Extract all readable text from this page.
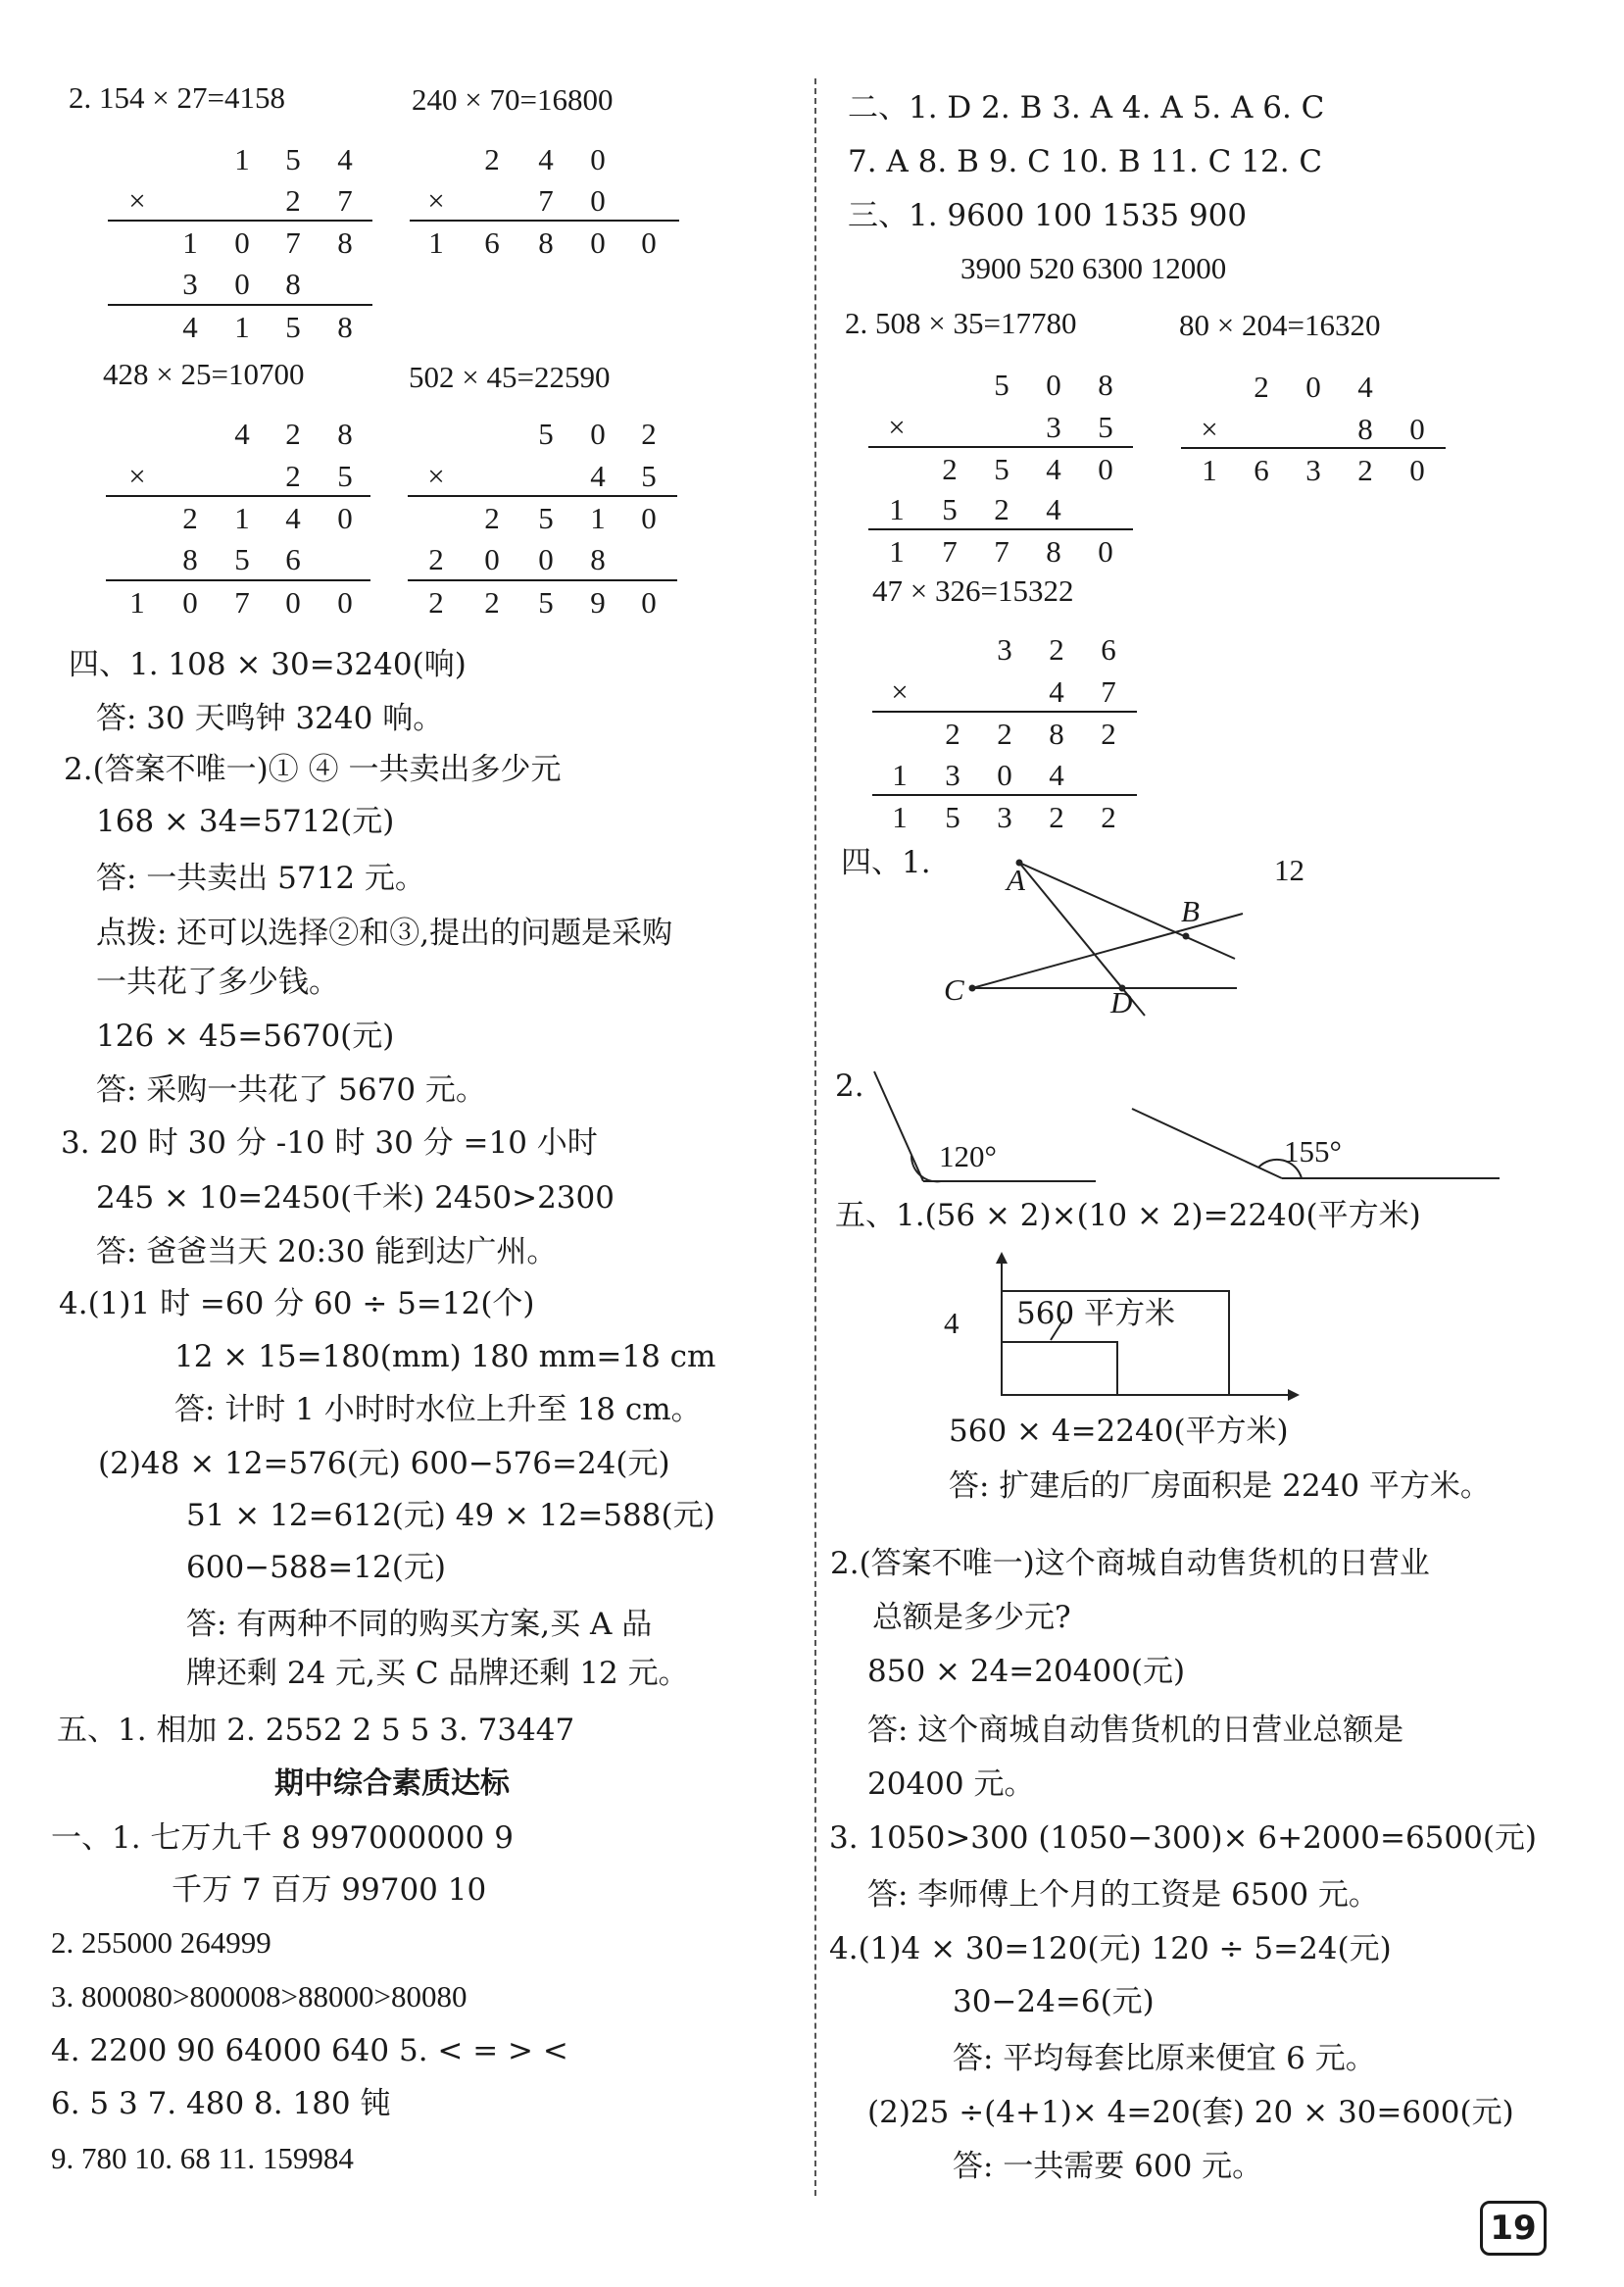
2. 154 × 27=4158	240 × 70=16800
1 5 4
×	2 7
1 0 7 8
3 0 8
4 1 5 8
2 4 0
×	7 0
1 6 8 0 0
428 × 25=10700	502 × 45=22590
4 2 8
×	2 5
2 1 4 0
8 5 6
1 0 7 0 0
5 0 2
×	4 5
2 5 1 0
2 0 0 8
2 2 5 9 0
四、1. 108 × 30=3240(响)
答: 30 天鸣钟 3240 响。
2.(答案不唯一)① ④ 一共卖出多少元
168 × 34=5712(元)
答: 一共卖出 5712 元。
点拨: 还可以选择②和③,提出的问题是采购
一共花了多少钱。
126 × 45=5670(元)
答: 采购一共花了 5670 元。
3. 20 时 30 分 -10 时 30 分 =10 小时
245 × 10=2450(千米) 2450>2300
答: 爸爸当天 20:30 能到达广州。
4.(1)1 时 =60 分 60 ÷ 5=12(个)
12 × 15=180(mm) 180 mm=18 cm
答: 计时 1 小时时水位上升至 18 cm。
(2)48 × 12=576(元) 600−576=24(元)
51 × 12=612(元) 49 × 12=588(元)
600−588=12(元)
答: 有两种不同的购买方案,买 A 品
牌还剩 24 元,买 C 品牌还剩 12 元。
五、1. 相加 2. 2552 2 5 5 3. 73447
期中综合素质达标
一、1. 七万九千 8 997000000 9
千万 7 百万 99700 10
2. 255000 264999
3. 800080>800008>88000>80080
4. 2200 90 64000 640 5. < = > <
6. 5 3 7. 480 8. 180 钝
9. 780 10. 68 11. 159984
二、1. D 2. B 3. A 4. A 5. A 6. C
7. A 8. B 9. C 10. B 11. C 12. C
三、1. 9600 100 1535 900
3900 520 6300 12000
2. 508 × 35=17780	80 × 204=16320
5 0 8
×	3 5
2 5 4 0
1 5 2 4
1 7 7 8 0
2 0 4
×	8 0
1 6 3 2 0
47 × 326=15322
3 2 6
×	4 7
2 2 8 2
1 3 0 4
1 5 3 2 2
四、1.	12
A
B
C	D
2.
120°	155°
五、1.(56 × 2)×(10 × 2)=2240(平方米)
4 560 平方米
560 × 4=2240(平方米)
答: 扩建后的厂房面积是 2240 平方米。
2.(答案不唯一)这个商城自动售货机的日营业
总额是多少元?
850 × 24=20400(元)
答: 这个商城自动售货机的日营业总额是
20400 元。
3. 1050>300 (1050−300)× 6+2000=6500(元)
答: 李师傅上个月的工资是 6500 元。
4.(1)4 × 30=120(元) 120 ÷ 5=24(元)
30−24=6(元)
答: 平均每套比原来便宜 6 元。
(2)25 ÷(4+1)× 4=20(套) 20 × 30=600(元)
答: 一共需要 600 元。
19
